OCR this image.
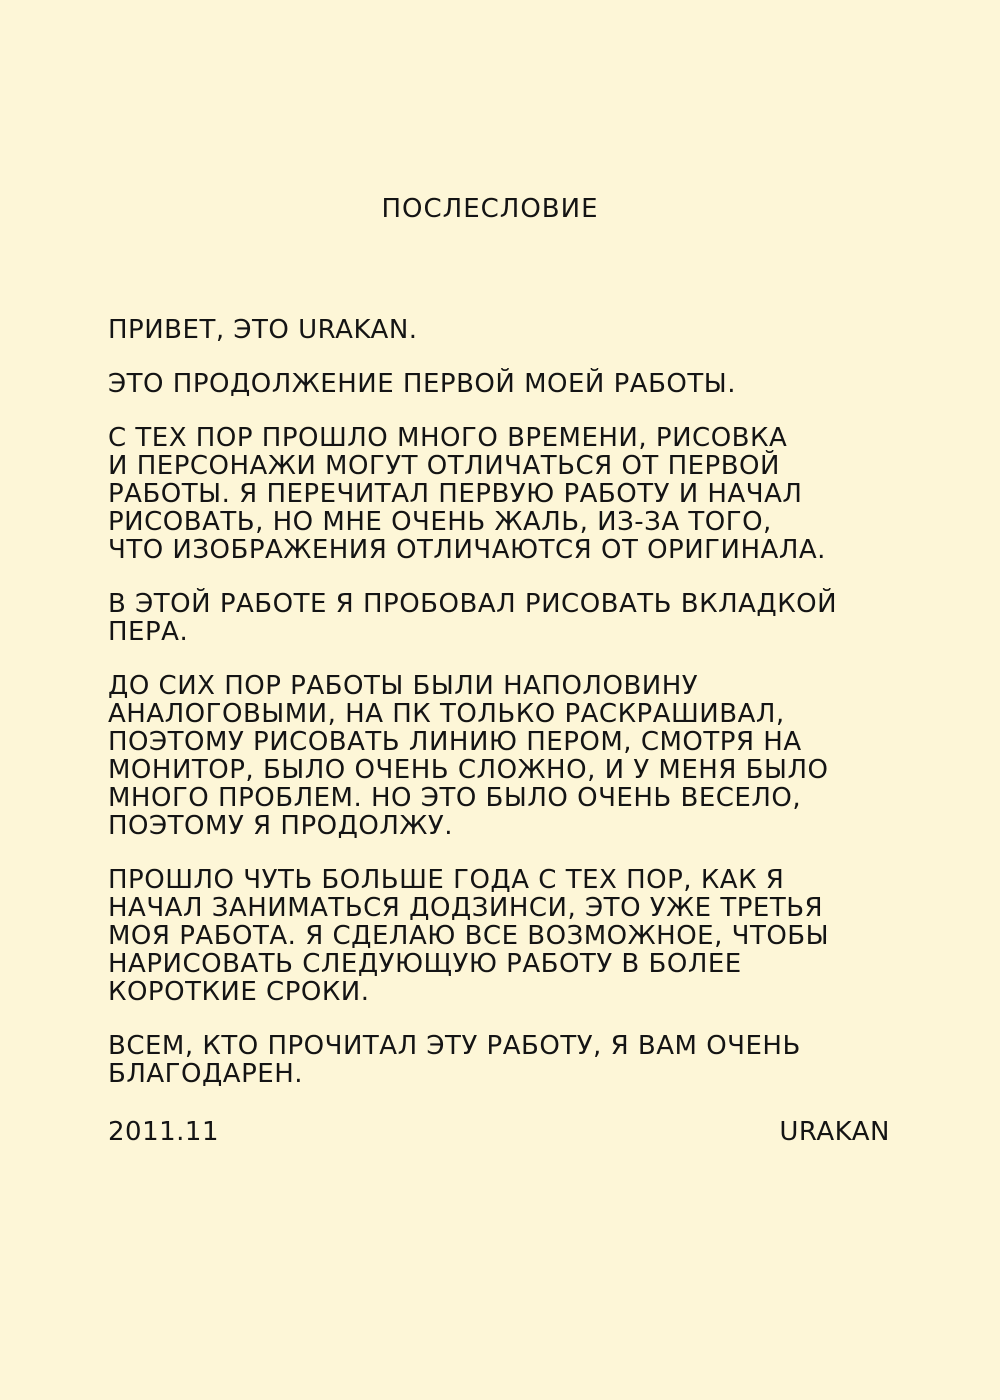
ПОСЛЕСЛОВИЕ
ПРИВЕТ, ЭТО URAKAN.
ЭТО ПРОДОЛЖЕНИЕ ПЕРВОЙ МОЕЙ РАБОТЫ.
С ТЕХ ПОР ПРОШЛО МНОГО ВРЕМЕНИ, РИСОВКА
И ПЕРСОНАЖИ МОГУТ ОТЛИЧАТЬСЯ ОТ ПЕРВОЙ
РАБОТЫ. Я ПЕРЕЧИТАЛ ПЕРВУЮ РАБОТУ И НАЧАЛ
РИСОВАТЬ, НО МНЕ ОЧЕНЬ ЖАЛЬ, ИЗ-ЗА ТОГО,
ЧТО ИЗОБРАЖЕНИЯ ОТЛИЧАЮТСЯ ОТ ОРИГИНАЛА.
В ЭТОЙ РАБОТЕ Я ПРОБОВАЛ РИСОВАТЬ ВКЛАДКОЙ
ПЕРА.
ДО СИХ ПОР РАБОТЫ БЫЛИ НАПОЛОВИНУ
АНАЛОГОВЫМИ, НА ПК ТОЛЬКО РАСКРАШИВАЛ,
ПОЭТОМУ РИСОВАТЬ ЛИНИЮ ПЕРОМ, СМОТРЯ НА
МОНИТОР, БЫЛО ОЧЕНЬ СЛОЖНО, И У МЕНЯ БЫЛО
МНОГО ПРОБЛЕМ. НО ЭТО БЫЛО ОЧЕНЬ ВЕСЕЛО,
ПОЭТОМУ Я ПРОДОЛЖУ.
ПРОШЛО ЧУТЬ БОЛЬШЕ ГОДА С ТЕХ ПОР, КАК Я
НАЧАЛ ЗАНИМАТЬСЯ ДОДЗИНСИ, ЭТО УЖЕ ТРЕТЬЯ
МОЯ РАБОТА. Я СДЕЛАЮ ВСЕ ВОЗМОЖНОЕ, ЧТОБЫ
НАРИСОВАТЬ СЛЕДУЮЩУЮ РАБОТУ В БОЛЕЕ
КОРОТКИЕ СРОКИ.
ВСЕМ, КТО ПРОЧИТАЛ ЭТУ РАБОТУ, Я ВАМ ОЧЕНЬ
БЛАГОДАРЕН.
2011.11	URAKAN
